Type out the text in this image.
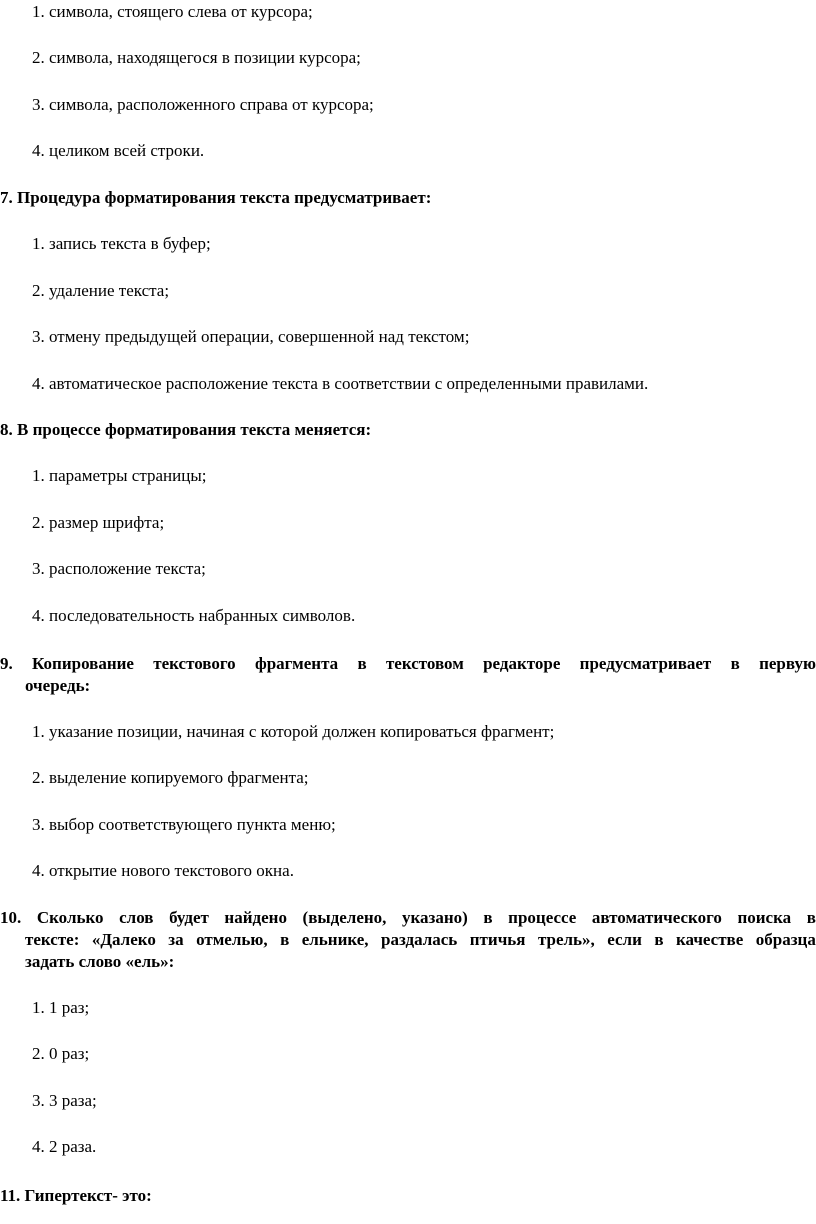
1. символа, стоящего слева от курсора;
2. символа, находящегося в позиции курсора;
3. символа, расположенного справа от курсора;
4. целиком всей строки.
7. Процедура форматирования текста предусматривает:
1. запись текста в буфер;
2. удаление текста;
3. отмену предыдущей операции, совершенной над текстом;
4. автоматическое расположение текста в соответствии с определенными правилами.
8. В процессе форматирования текста меняется:
1. параметры страницы;
2. размер шрифта;
3. расположение текста;
4. последовательность набранных символов.
9. Копирование текстового фрагмента в текстовом редакторе предусматривает в первую
очередь:
1. указание позиции, начиная с которой должен копироваться фрагмент;
2. выделение копируемого фрагмента;
3. выбор соответствующего пункта меню;
4. открытие нового текстового окна.
10. Сколько слов будет найдено (выделено, указано) в процессе автоматического поиска в
тексте: «Далеко за отмелью, в ельнике, раздалась птичья трель», если в качестве образца
задать слово «ель»:
1. 1 раз;
2. 0 раз;
3. 3 раза;
4. 2 раза.
11. Гипертекст- это:
